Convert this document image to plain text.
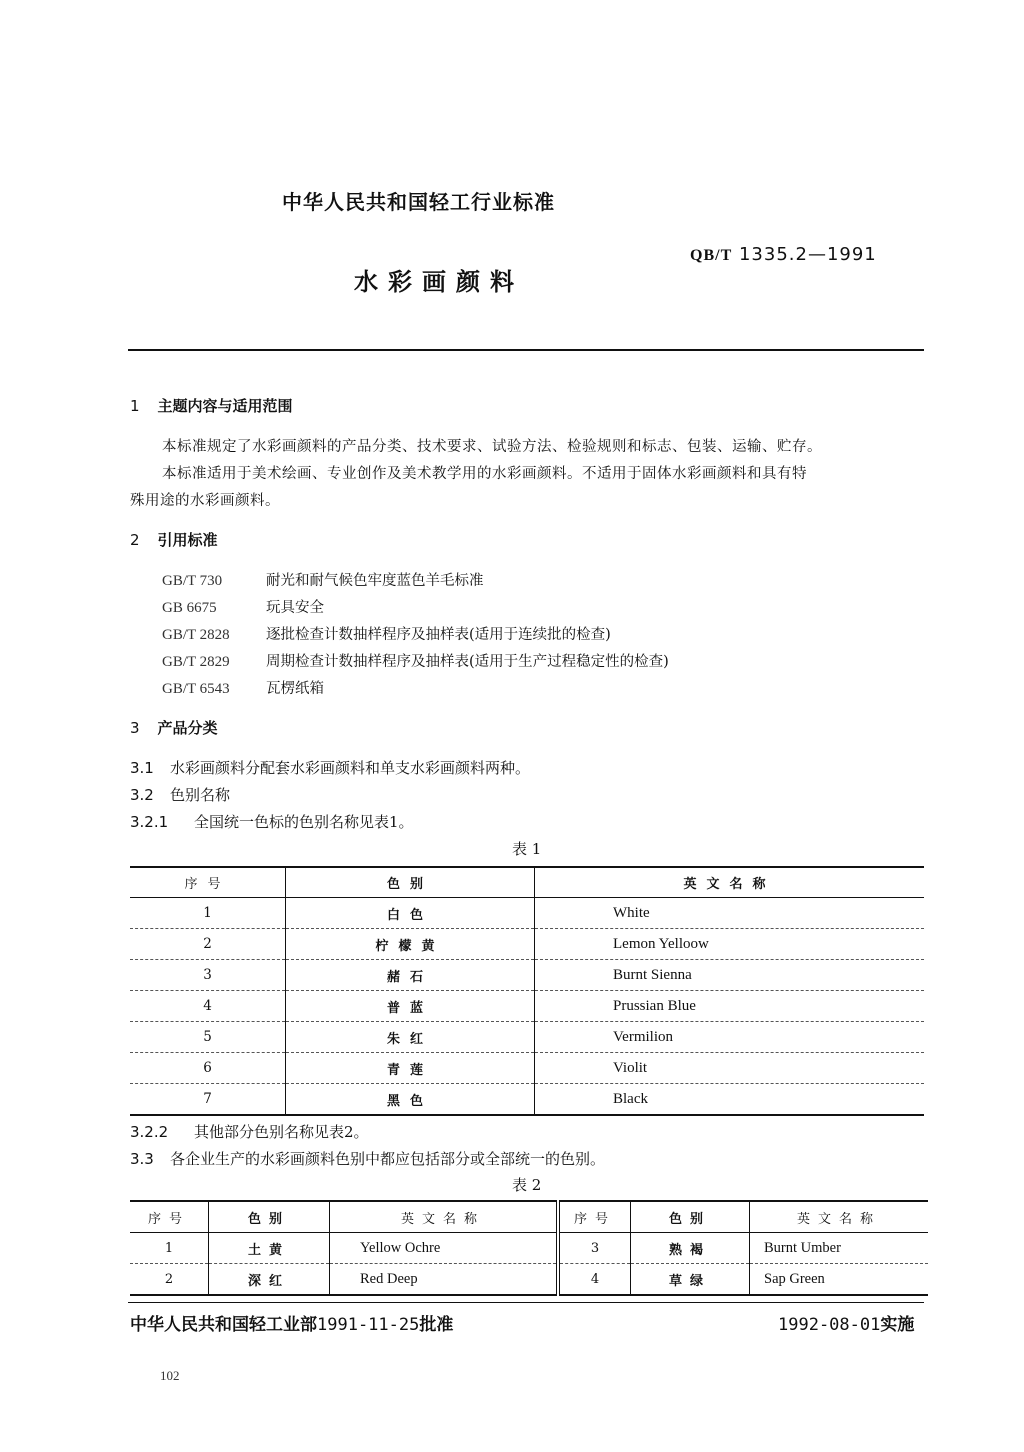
中华人民共和国轻工行业标准
水彩画颜料
QB/T 1335.2—1991
1 主题内容与适用范围
本标准规定了水彩画颜料的产品分类、技术要求、试验方法、检验规则和标志、包装、运输、贮存。
本标准适用于美术绘画、专业创作及美术教学用的水彩画颜料。不适用于固体水彩画颜料和具有特
殊用途的水彩画颜料。
2 引用标准
GB/T 730	耐光和耐气候色牢度蓝色羊毛标准
GB 6675	玩具安全
GB/T 2828	逐批检查计数抽样程序及抽样表(适用于连续批的检查)
GB/T 2829	周期检查计数抽样程序及抽样表(适用于生产过程稳定性的检查)
GB/T 6543	瓦楞纸箱
3 产品分类
3.1 水彩画颜料分配套水彩画颜料和单支水彩画颜料两种。
3.2 色别名称
3.2.1 全国统一色标的色别名称见表1。
表 1
序号	色别	英文名称
1	白色	White
2	柠檬黄	Lemon Yelloow
3	赭石	Burnt Sienna
4	普蓝	Prussian Blue
5	朱红	Vermilion
6	青莲	Violit
7	黑色	Black
3.2.2 其他部分色别名称见表2。
3.3 各企业生产的水彩画颜料色别中都应包括部分或全部统一的色别。
表 2
序号	色别	英文名称	序号	色别	英文名称
1	土黄	Yellow Ochre	3	熟褐	Burnt Umber
2	深红	Red Deep	4	草绿	Sap Green
中华人民共和国轻工业部1991-11-25批准	1992-08-01实施
102
